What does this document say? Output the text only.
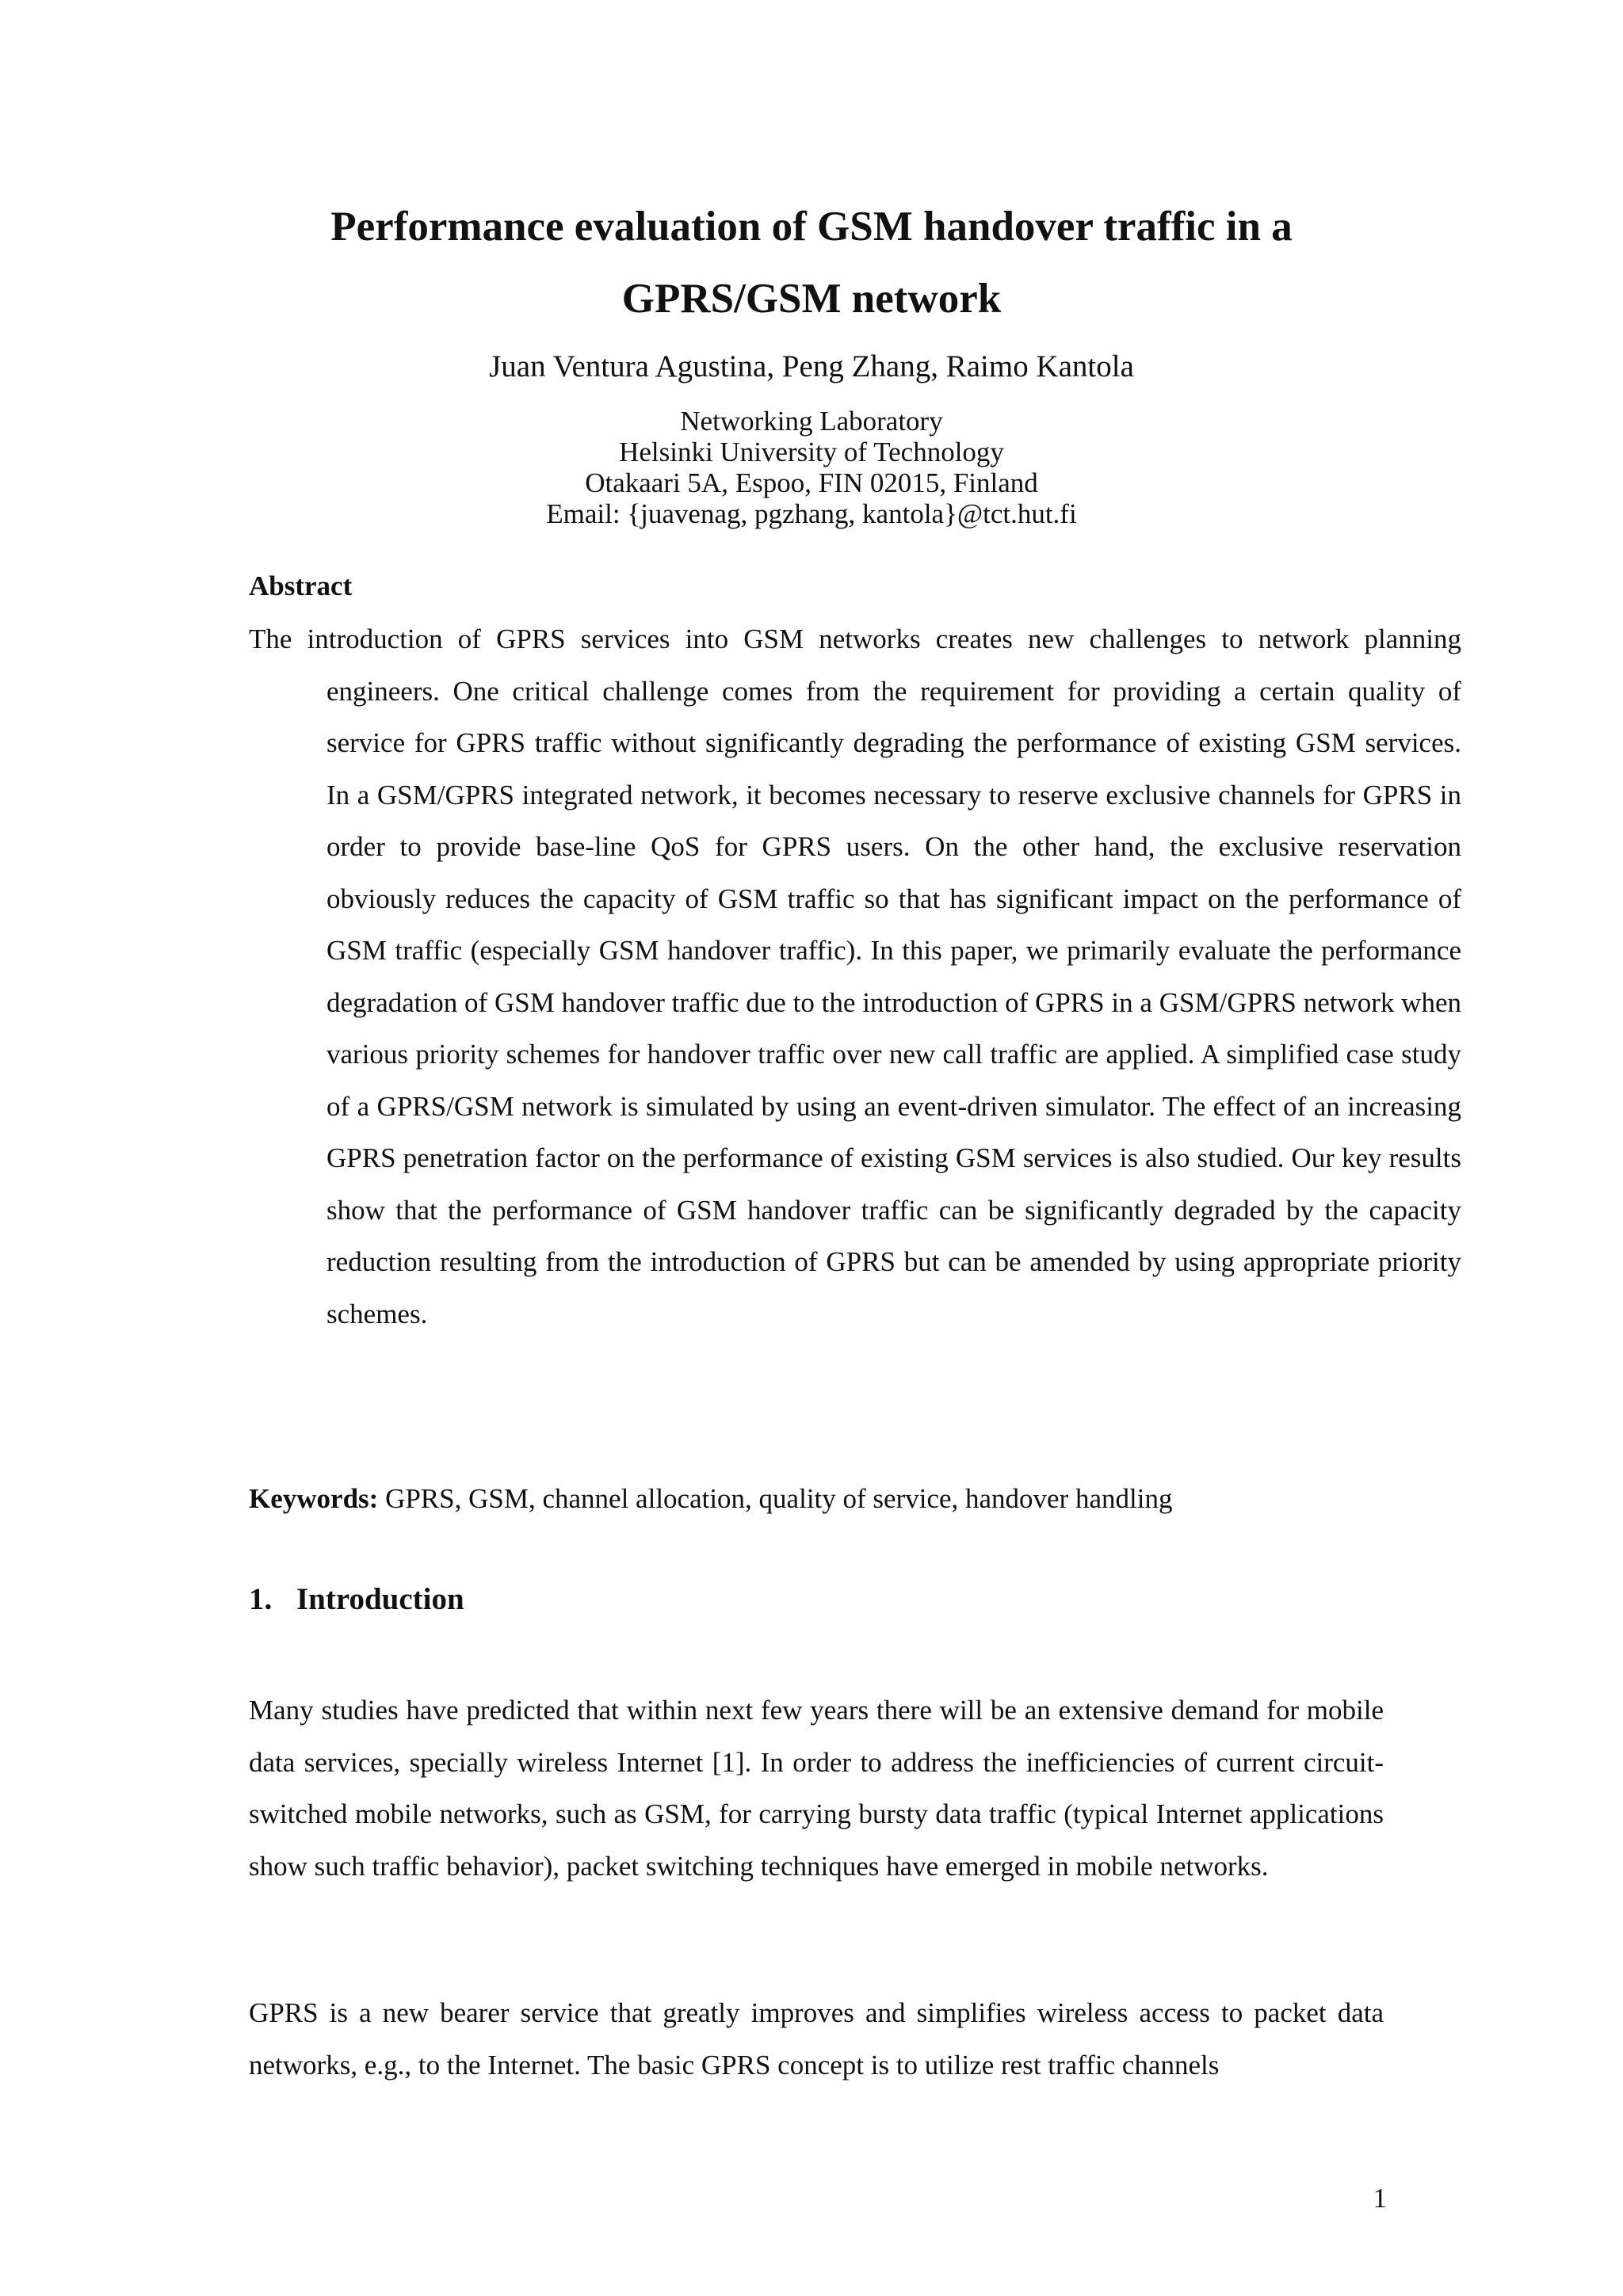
Performance evaluation of GSM handover traffic in a
GPRS/GSM network

Juan Ventura Agustina, Peng Zhang, Raimo Kantola

Networking Laboratory
Helsinki University of Technology
Otakaari 5A, Espoo, FIN 02015, Finland
Email: {juavenag, pgzhang, kantola}@tct.hut.fi
Abstract

The introduction of GPRS services into GSM networks creates new challenges to network planning engineers. One critical challenge comes from the requirement for providing a certain quality of service for GPRS traffic without significantly degrading the performance of existing GSM services. In a GSM/GPRS integrated network, it becomes necessary to reserve exclusive channels for GPRS in order to provide base-line QoS for GPRS users. On the other hand, the exclusive reservation obviously reduces the capacity of GSM traffic so that has significant impact on the performance of GSM traffic (especially GSM handover traffic). In this paper, we primarily evaluate the performance degradation of GSM handover traffic due to the introduction of GPRS in a GSM/GPRS network when various priority schemes for handover traffic over new call traffic are applied. A simplified case study of a GPRS/GSM network is simulated by using an event-driven simulator. The effect of an increasing GPRS penetration factor on the performance of existing GSM services is also studied. Our key results show that the performance of GSM handover traffic can be significantly degraded by the capacity reduction resulting from the introduction of GPRS but can be amended by using appropriate priority schemes.

Keywords: GPRS, GSM, channel allocation, quality of service, handover handling

1. Introduction

Many studies have predicted that within next few years there will be an extensive demand for mobile data services, specially wireless Internet [1]. In order to address the inefficiencies of current circuit-switched mobile networks, such as GSM, for carrying bursty data traffic (typical Internet applications show such traffic behavior), packet switching techniques have emerged in mobile networks.

GPRS is a new bearer service that greatly improves and simplifies wireless access to packet data networks, e.g., to the Internet. The basic GPRS concept is to utilize rest traffic channels

1
